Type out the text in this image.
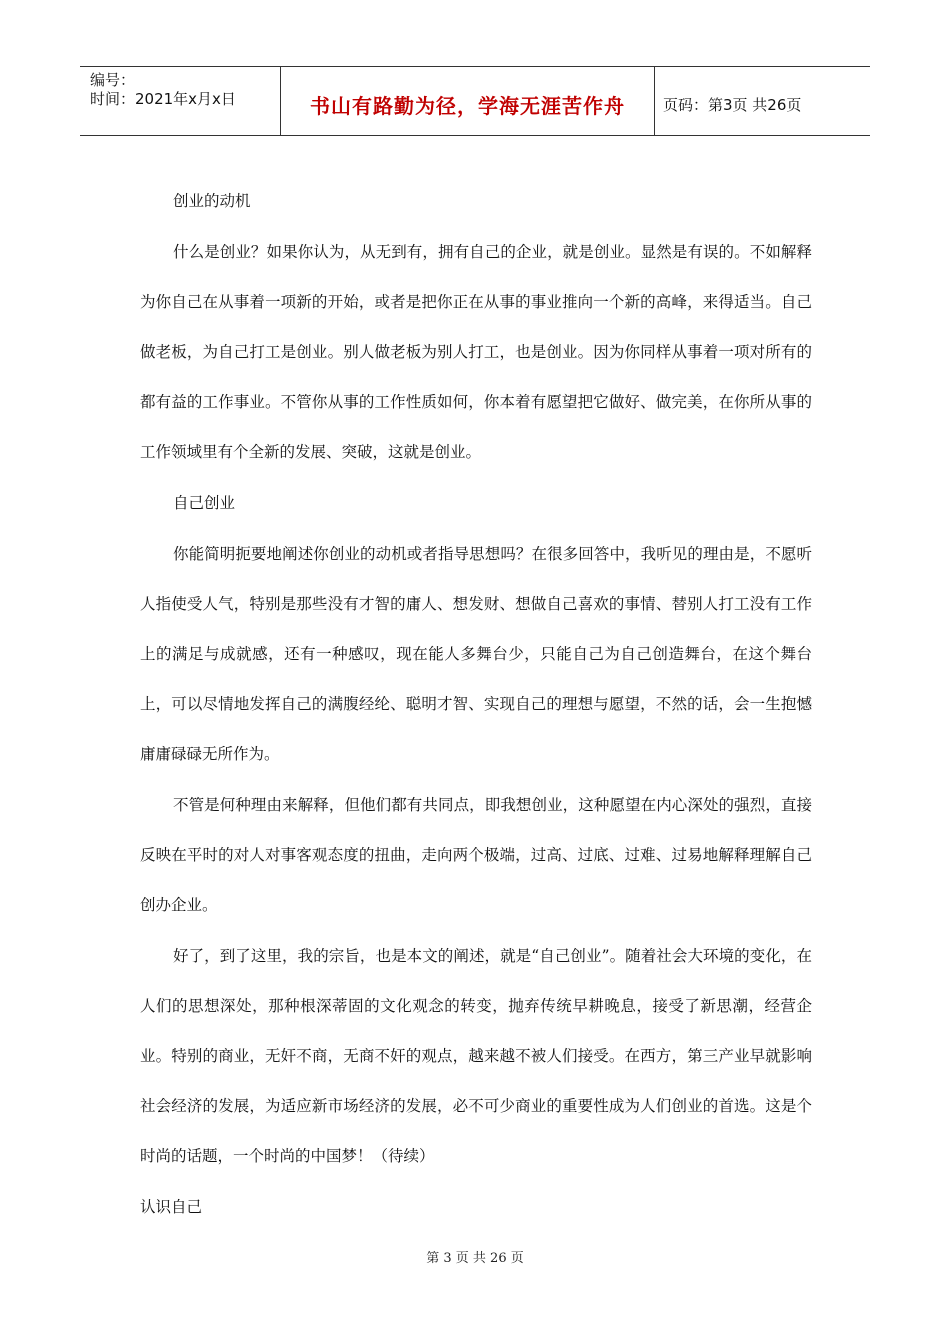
编号：
时间：2021年x月x日	书山有路勤为径，学海无涯苦作舟	页码：第3页 共26页

创业的动机

什么是创业？如果你认为，从无到有，拥有自己的企业，就是创业。显然是有误的。不如解释为你自己在从事着一项新的开始，或者是把你正在从事的事业推向一个新的高峰，来得适当。自己做老板，为自己打工是创业。别人做老板为别人打工，也是创业。因为你同样从事着一项对所有的都有益的工作事业。不管你从事的工作性质如何，你本着有愿望把它做好、做完美，在你所从事的工作领域里有个全新的发展、突破，这就是创业。

自己创业

你能简明扼要地阐述你创业的动机或者指导思想吗？在很多回答中，我听见的理由是，不愿听人指使受人气，特别是那些没有才智的庸人、想发财、想做自己喜欢的事情、替别人打工没有工作上的满足与成就感，还有一种感叹，现在能人多舞台少，只能自己为自己创造舞台，在这个舞台上，可以尽情地发挥自己的满腹经纶、聪明才智、实现自己的理想与愿望，不然的话，会一生抱憾庸庸碌碌无所作为。

不管是何种理由来解释，但他们都有共同点，即我想创业，这种愿望在内心深处的强烈，直接反映在平时的对人对事客观态度的扭曲，走向两个极端，过高、过底、过难、过易地解释理解自己创办企业。

好了，到了这里，我的宗旨，也是本文的阐述，就是“自己创业”。随着社会大环境的变化，在人们的思想深处，那种根深蒂固的文化观念的转变，抛弃传统早耕晚息，接受了新思潮，经营企业。特别的商业，无奸不商，无商不奸的观点，越来越不被人们接受。在西方，第三产业早就影响社会经济的发展，为适应新市场经济的发展，必不可少商业的重要性成为人们创业的首选。这是个时尚的话题，一个时尚的中国梦！（待续）

认识自己

第 3 页 共 26 页
